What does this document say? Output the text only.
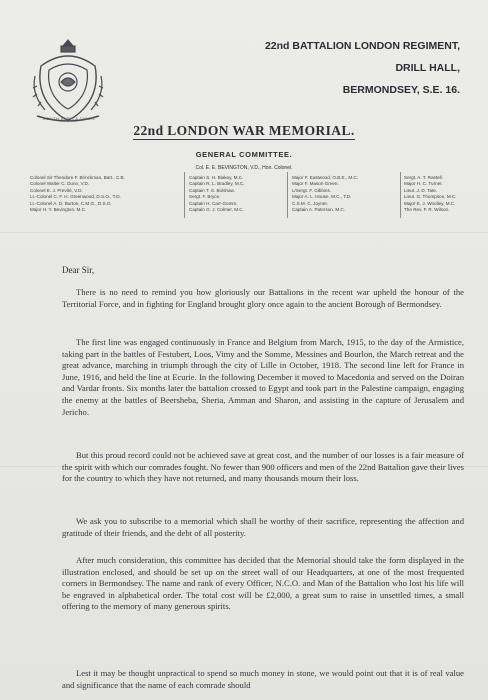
SOUTH AFRICA 1900-2
22nd BATTALION LONDON REGIMENT,
DRILL HALL,
BERMONDSEY, S.E. 16.
22nd LONDON WAR MEMORIAL.
GENERAL COMMITTEE.
Col. E. E. BEVINGTON, V.D., Hon. Colonel.
Colonel Sir Theodore F. Brinckman, Bart., C.B.
Colonel Walter C. Dunn, V.D.
Colonel E. J. Previté, V.D.
Lt.-Colonel C. F. H. Greenwood, D.S.O., T.D.
Lt.-Colonel A. D. Burton, C.M.G., D.S.O.
Major H. Y. Bevington, M.C.
Captain S. H. Blakey, M.C.
Captain R. L. Bradley, M.C.
Captain T. S. Bolshaw.
Sergt. F. Bryce.
Captain H. Carr-Gomm.
Captain G. J. Colmer, M.C.
Major F. Eastwood, O.B.E., M.C.
Major F. Mason Green.
L/Sergt. F. Gibbins.
Major A. L. House, M.C., T.D.
C.S.M. C. Joyner.
Captain A. Paterson, M.C.
Sergt. A. T. Rastell.
Major H. C. Turner.
Lieut. J. D. Tate.
Lieut. G. Thompson, M.C.
Major E. J. Woolley, M.C.
The Rev. F. R. Wilson.
Dear Sir,
There is no need to remind you how gloriously our Battalions in the recent war upheld the honour of the Territorial Force, and in fighting for England brought glory once again to the ancient Borough of Bermondsey.
The first line was engaged continuously in France and Belgium from March, 1915, to the day of the Armistice, taking part in the battles of Festubert, Loos, Vimy and the Somme, Messines and Bourlon, the March retreat and the great advance, marching in triumph through the city of Lille in October, 1918. The second line left for France in June, 1916, and held the line at Ecurie. In the following December it moved to Macedonia and served on the Doiran and Vardar fronts. Six months later the battalion crossed to Egypt and took part in the Palestine campaign, engaging the enemy at the battles of Beersheba, Sheria, Amman and Sharon, and assisting in the capture of Jerusalem and Jericho.
But this proud record could not be achieved save at great cost, and the number of our losses is a fair measure of the spirit with which our comrades fought. No fewer than 900 officers and men of the 22nd Battalion gave their lives for the country to which they have not returned, and many thousands mourn their loss.
We ask you to subscribe to a memorial which shall be worthy of their sacrifice, representing the affection and gratitude of their friends, and the debt of all posterity.
After much consideration, this committee has decided that the Memorial should take the form displayed in the illustration enclosed, and should be set up on the street wall of our Headquarters, at one of the most frequented corners in Bermondsey. The name and rank of every Officer, N.C.O. and Man of the Battalion who lost his life will be engraved in alphabetical order. The total cost will be £2,000, a great sum to raise in unsettled times, a small offering to the memory of many generous spirits.
Lest it may be thought unpractical to spend so much money in stone, we would point out that it is of real value and significance that the name of each comrade should
